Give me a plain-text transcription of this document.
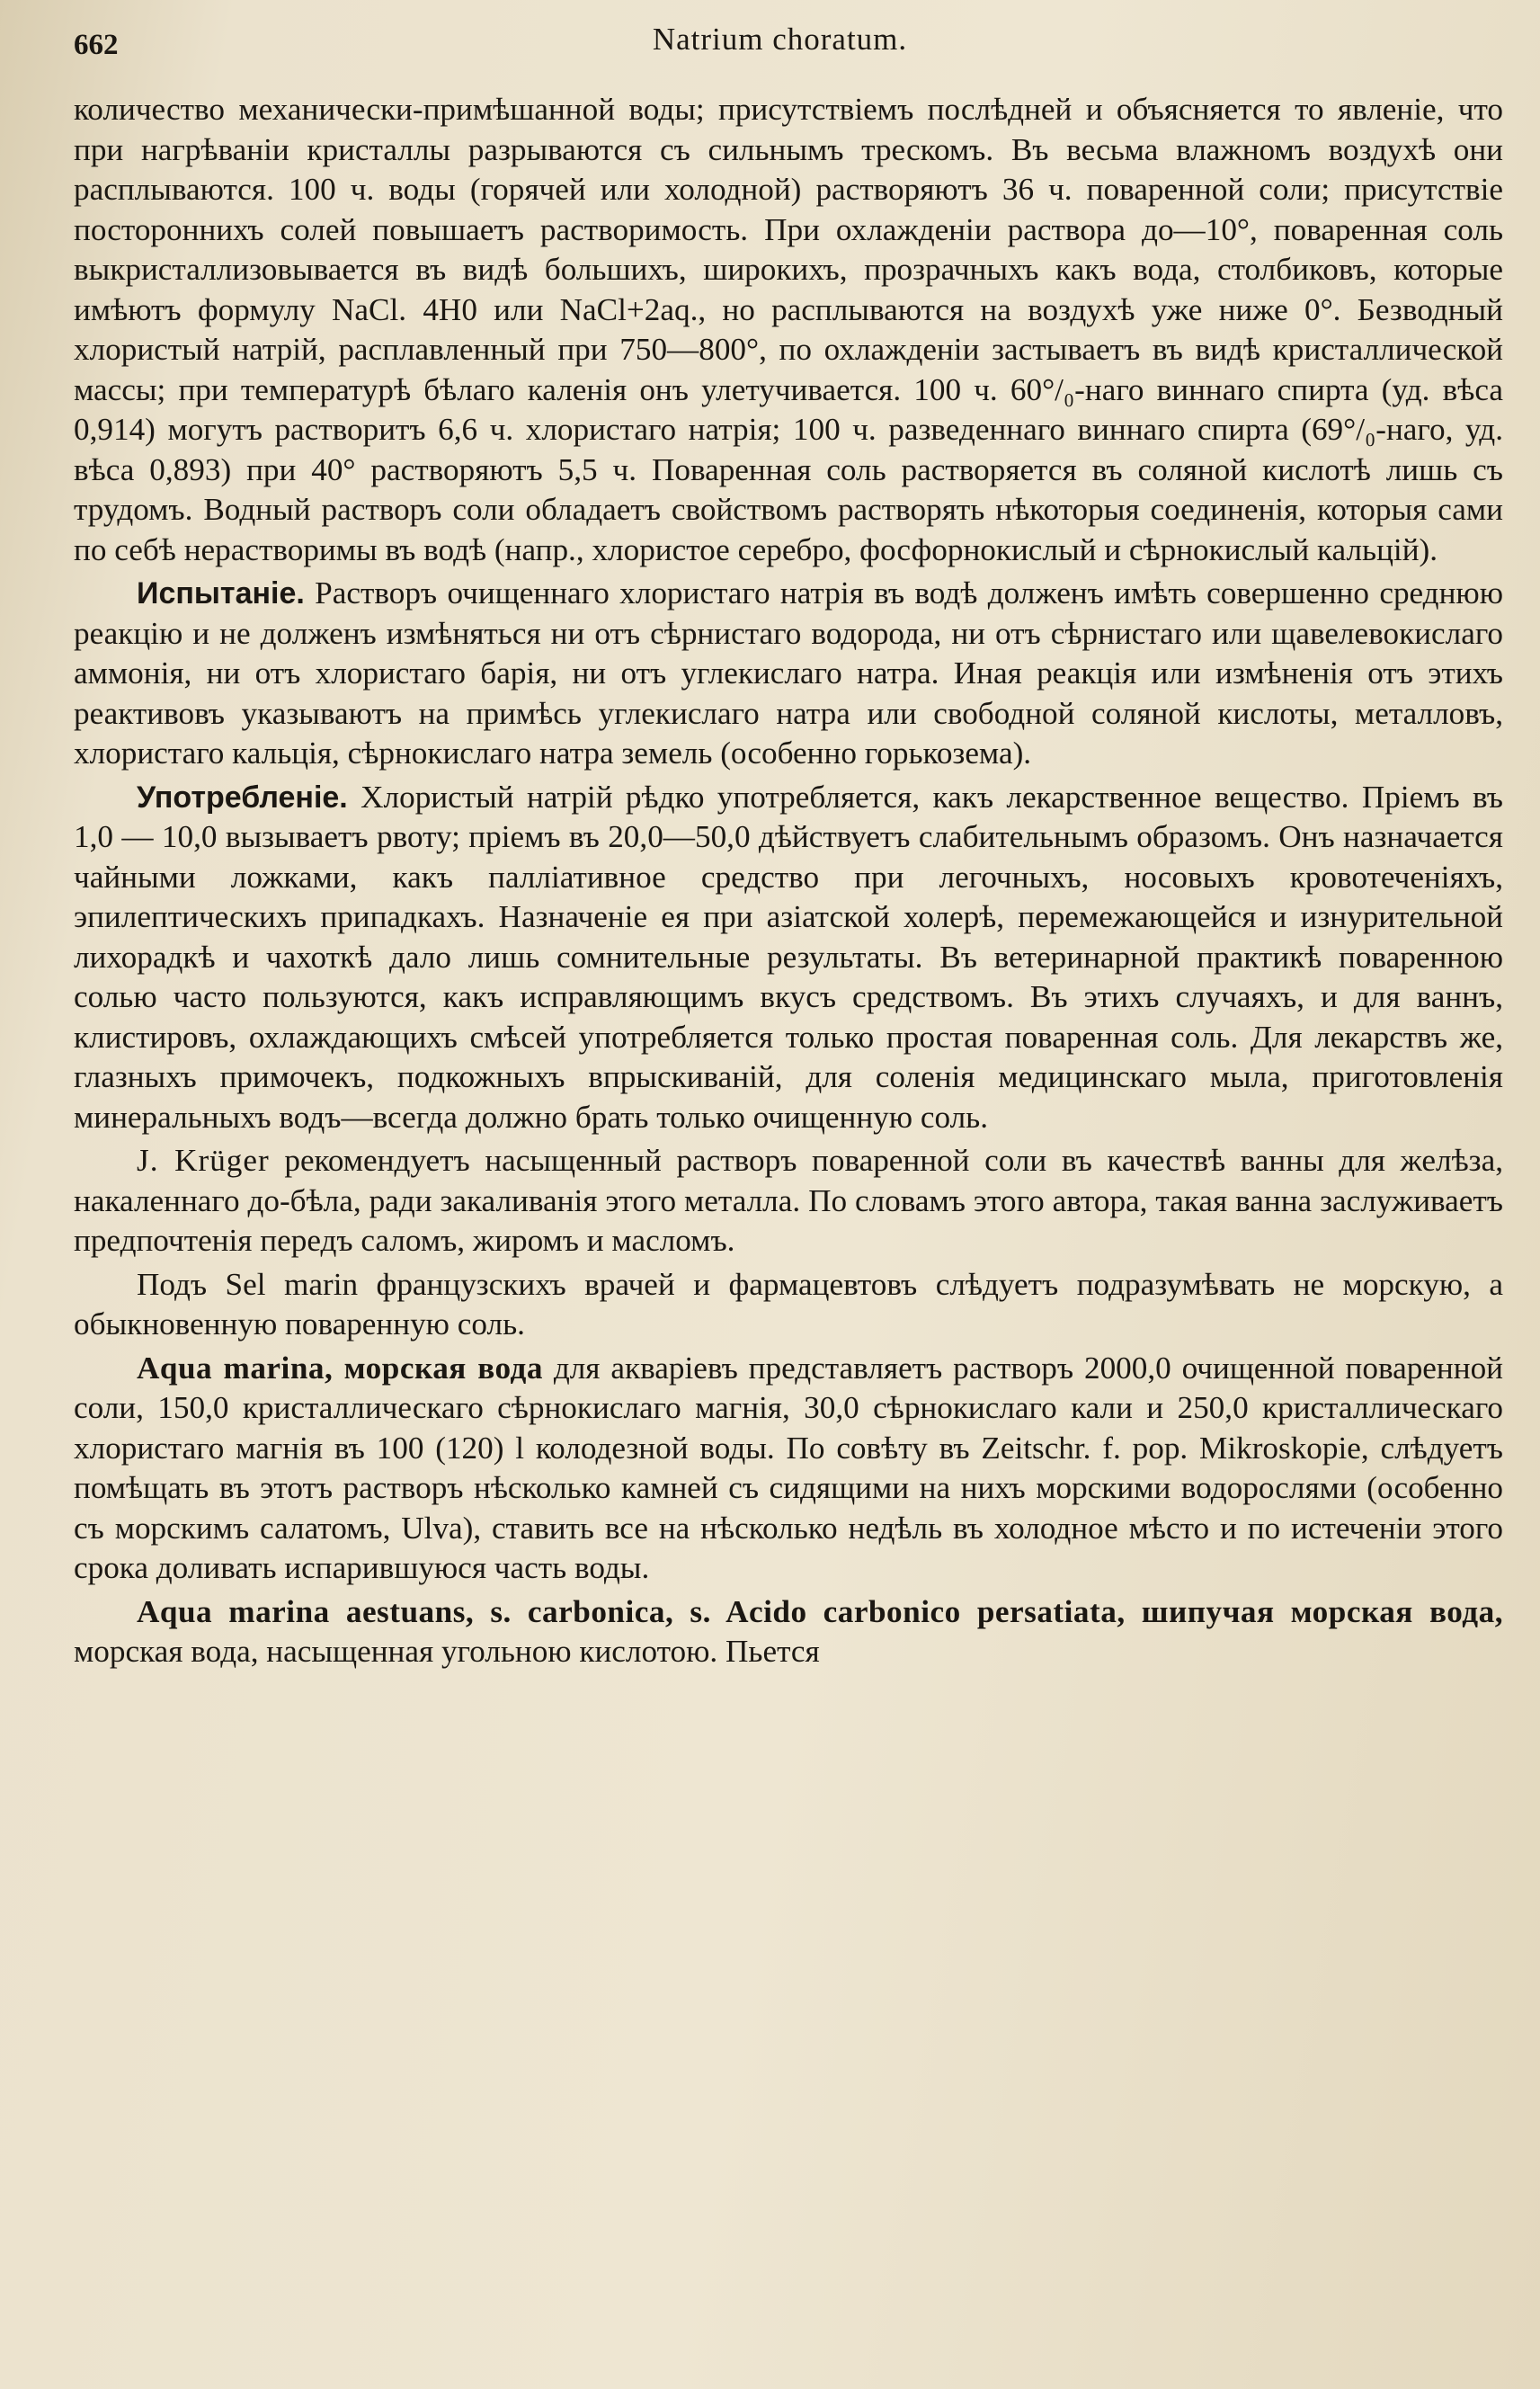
662	Natrium choratum.

количество механически-примѣшанной воды; присутствіемъ послѣдней и объясняется то явленіе, что при нагрѣваніи кристаллы разрываются съ сильнымъ трескомъ. Въ весьма влажномъ воздухѣ они расплываются. 100 ч. воды (горячей или холодной) растворяютъ 36 ч. поваренной соли; присутствіе постороннихъ солей повышаетъ растворимость. При охлажденіи раствора до—10°, поваренная соль выкристаллизовывается въ видѣ большихъ, широкихъ, прозрачныхъ какъ вода, столбиковъ, которые имѣютъ формулу NaCl. 4H0 или NaCl+2aq., но расплываются на воздухѣ уже ниже 0°. Безводный хлористый натрій, расплавленный при 750—800°, по охлажденіи застываетъ въ видѣ кристаллической массы; при температурѣ бѣлаго каленія онъ улетучивается. 100 ч. 60°/₀-наго виннаго спирта (уд. вѣса 0,914) могутъ растворитъ 6,6 ч. хлористаго натрія; 100 ч. разведеннаго виннаго спирта (69°/₀-наго, уд. вѣса 0,893) при 40° растворяютъ 5,5 ч. Поваренная соль растворяется въ соляной кислотѣ лишь съ трудомъ. Водный растворъ соли обладаетъ свойствомъ растворять нѣкоторыя соединенія, которыя сами по себѣ нерастворимы въ водѣ (напр., хлористое серебро, фосфорнокислый и сѣрнокислый кальцій).

Испытаніе. Растворъ очищеннаго хлористаго натрія въ водѣ долженъ имѣть совершенно среднюю реакцію и не долженъ измѣняться ни отъ сѣрнистаго водорода, ни отъ сѣрнистаго или щавелевокислаго аммонія, ни отъ хлористаго барія, ни отъ углекислаго натра. Иная реакція или измѣненія отъ этихъ реактивовъ указываютъ на примѣсь углекислаго натра или свободной соляной кислоты, металловъ, хлористаго кальція, сѣрнокислаго натра земель (особенно горькозема).

Употребленіе. Хлористый натрій рѣдко употребляется, какъ лекарственное вещество. Пріемъ въ 1,0 — 10,0 вызываетъ рвоту; пріемъ въ 20,0—50,0 дѣйствуетъ слабительнымъ образомъ. Онъ назначается чайными ложками, какъ палліативное средство при легочныхъ, носовыхъ кровотеченіяхъ, эпилептическихъ припадкахъ. Назначеніе ея при азіатской холерѣ, перемежающейся и изнурительной лихорадкѣ и чахоткѣ дало лишь сомнительные результаты. Въ ветеринарной практикѣ поваренною солью часто пользуются, какъ исправляющимъ вкусъ средствомъ. Въ этихъ случаяхъ, и для ваннъ, клистировъ, охлаждающихъ смѣсей употребляется только простая поваренная соль. Для лекарствъ же, глазныхъ примочекъ, подкожныхъ впрыскиваній, для соленія медицинскаго мыла, приготовленія минеральныхъ водъ—всегда должно брать только очищенную соль.

J. Krüger рекомендуетъ насыщенный растворъ поваренной соли въ качествѣ ванны для желѣза, накаленнаго до-бѣла, ради закаливанія этого металла. По словамъ этого автора, такая ванна заслуживаетъ предпочтенія передъ саломъ, жиромъ и масломъ.

Подъ Sel marin французскихъ врачей и фармацевтовъ слѣдуетъ подразумѣвать не морскую, а обыкновенную поваренную соль.

Aqua marina, морская вода для акваріевъ представляетъ растворъ 2000,0 очищенной поваренной соли, 150,0 кристаллическаго сѣрнокислаго магнія, 30,0 сѣрнокислаго кали и 250,0 кристаллическаго хлористаго магнія въ 100 (120) l колодезной воды. По совѣту въ Zeitschr. f. pop. Mikroskopie, слѣдуетъ помѣщать въ этотъ растворъ нѣсколько камней съ сидящими на нихъ морскими водорослями (особенно съ морскимъ салатомъ, Ulva), ставить все на нѣсколько недѣль въ холодное мѣсто и по истеченіи этого срока доливать испарившуюся часть воды.

Aqua marina aestuans, s. carbonica, s. Acido carbonico persatiata, шипучая морская вода, морская вода, насыщенная угольною кислотою. Пьется
